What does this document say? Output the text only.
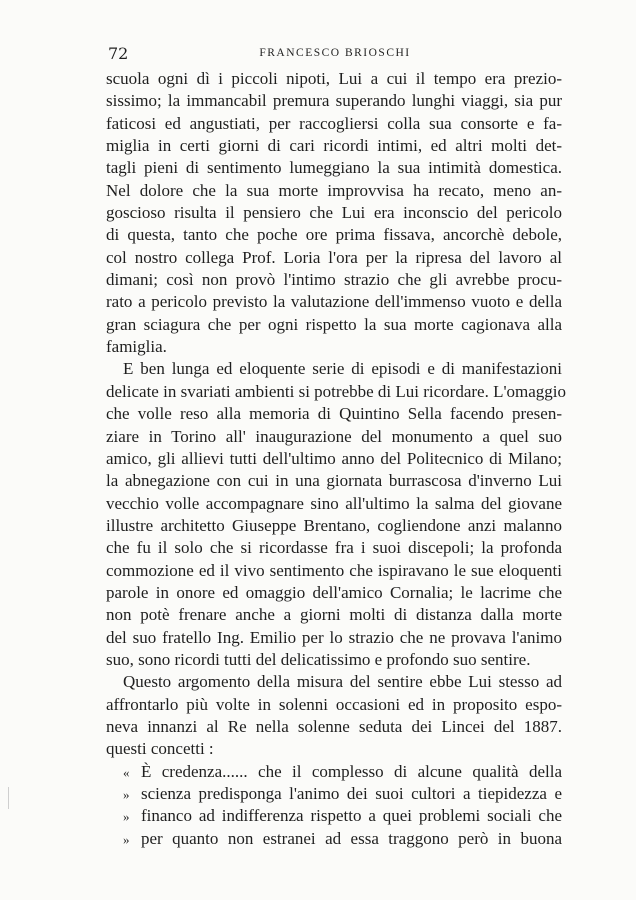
72	FRANCESCO BRIOSCHI
scuola ogni dì i piccoli nipoti, Lui a cui il tempo era prezio-
sissimo; la immancabil premura superando lunghi viaggi, sia pur
faticosi ed angustiati, per raccogliersi colla sua consorte e fa-
miglia in certi giorni di cari ricordi intimi, ed altri molti det-
tagli pieni di sentimento lumeggiano la sua intimità domestica.
Nel dolore che la sua morte improvvisa ha recato, meno an-
goscioso risulta il pensiero che Lui era inconscio del pericolo
di questa, tanto che poche ore prima fissava, ancorchè debole,
col nostro collega Prof. Loria l'ora per la ripresa del lavoro al
dimani; così non provò l'intimo strazio che gli avrebbe procu-
rato a pericolo previsto la valutazione dell'immenso vuoto e della
gran sciagura che per ogni rispetto la sua morte cagionava alla
famiglia.
E ben lunga ed eloquente serie di episodi e di manifestazioni
delicate in svariati ambienti si potrebbe di Lui ricordare. L'omaggio
che volle reso alla memoria di Quintino Sella facendo presen-
ziare in Torino all' inaugurazione del monumento a quel suo
amico, gli allievi tutti dell'ultimo anno del Politecnico di Milano;
la abnegazione con cui in una giornata burrascosa d'inverno Lui
vecchio volle accompagnare sino all'ultimo la salma del giovane
illustre architetto Giuseppe Brentano, cogliendone anzi malanno
che fu il solo che si ricordasse fra i suoi discepoli; la profonda
commozione ed il vivo sentimento che ispiravano le sue eloquenti
parole in onore ed omaggio dell'amico Cornalia; le lacrime che
non potè frenare anche a giorni molti di distanza dalla morte
del suo fratello Ing. Emilio per lo strazio che ne provava l'animo
suo, sono ricordi tutti del delicatissimo e profondo suo sentire.
Questo argomento della misura del sentire ebbe Lui stesso ad
affrontarlo più volte in solenni occasioni ed in proposito espo-
neva innanzi al Re nella solenne seduta dei Lincei del 1887.
questi concetti :
« È credenza...... che il complesso di alcune qualità della
» scienza predisponga l'animo dei suoi cultori a tiepidezza e
» financo ad indifferenza rispetto a quei problemi sociali che
» per quanto non estranei ad essa traggono però in buona
